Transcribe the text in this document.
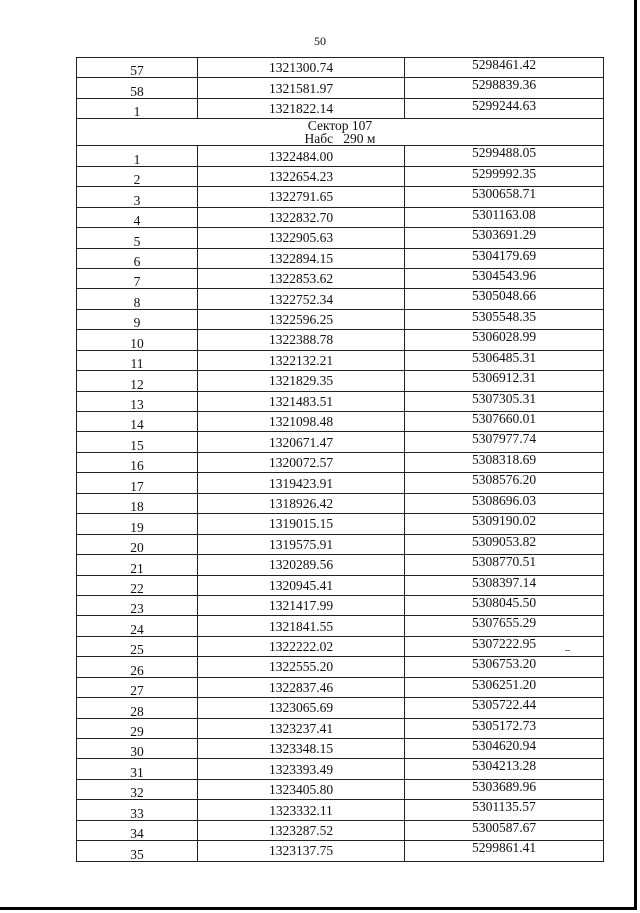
50
57	1321300.74	5298461.42
58	1321581.97	5298839.36
1	1321822.14	5299244.63

Сектор 107
Набс   290 м		

1	1322484.00	5299488.05
2	1322654.23	5299992.35
3	1322791.65	5300658.71
4	1322832.70	5301163.08
5	1322905.63	5303691.29
6	1322894.15	5304179.69
7	1322853.62	5304543.96
8	1322752.34	5305048.66
9	1322596.25	5305548.35
10	1322388.78	5306028.99
11	1322132.21	5306485.31
12	1321829.35	5306912.31
13	1321483.51	5307305.31
14	1321098.48	5307660.01
15	1320671.47	5307977.74
16	1320072.57	5308318.69
17	1319423.91	5308576.20
18	1318926.42	5308696.03
19	1319015.15	5309190.02
20	1319575.91	5309053.82
21	1320289.56	5308770.51
22	1320945.41	5308397.14
23	1321417.99	5308045.50
24	1321841.55	5307655.29
25	1322222.02	5307222.95
26	1322555.20	5306753.20
27	1322837.46	5306251.20
28	1323065.69	5305722.44
29	1323237.41	5305172.73
30	1323348.15	5304620.94
31	1323393.49	5304213.28
32	1323405.80	5303689.96
33	1323332.11	5301135.57
34	1323287.52	5300587.67
35	1323137.75	5299861.41
